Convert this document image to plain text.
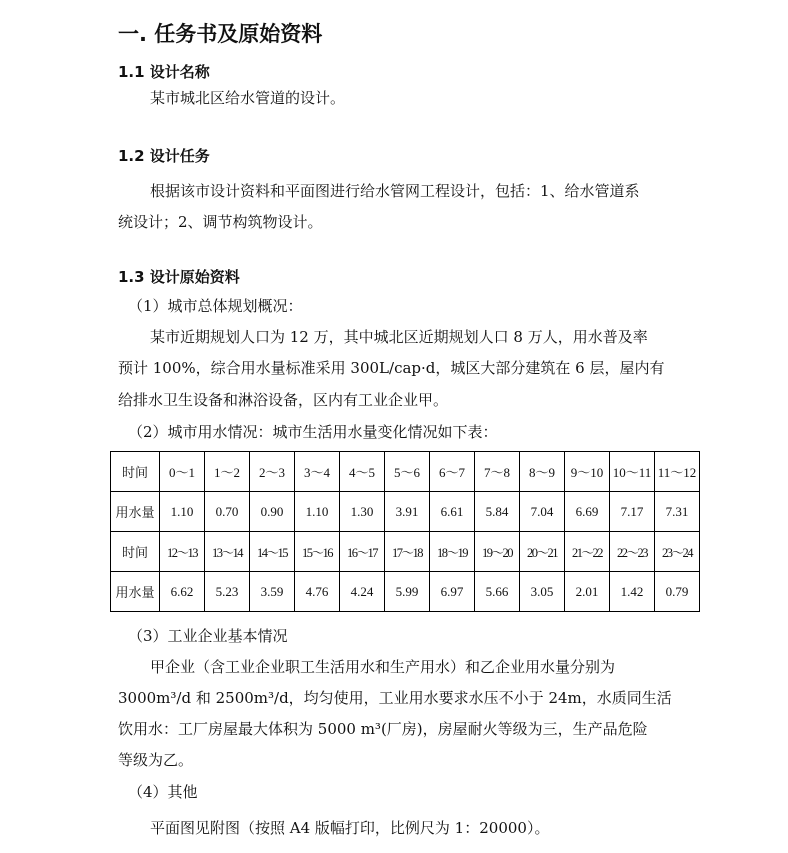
一. 任务书及原始资料
1.1 设计名称
某市城北区给水管道的设计。
1.2 设计任务
根据该市设计资料和平面图进行给水管网工程设计，包括：1、给水管道系
统设计；2、调节构筑物设计。
1.3 设计原始资料
（1）城市总体规划概况：
某市近期规划人口为 12 万，其中城北区近期规划人口 8 万人，用水普及率
预计 100%，综合用水量标准采用 300L/cap·d，城区大部分建筑在 6 层，屋内有
给排水卫生设备和淋浴设备，区内有工业企业甲。
（2）城市用水情况：城市生活用水量变化情况如下表：
时间	0～1	1～2	2～3	3～4	4～5	5～6	6～7	7～8	8～9	9～10	10～11	11～12
用水量	1.10	0.70	0.90	1.10	1.30	3.91	6.61	5.84	7.04	6.69	7.17	7.31
时间	12～13	13～14	14～15	15～16	16～17	17～18	18～19	19～20	20～21	21～22	22～23	23～24
用水量	6.62	5.23	3.59	4.76	4.24	5.99	6.97	5.66	3.05	2.01	1.42	0.79
（3）工业企业基本情况
甲企业（含工业企业职工生活用水和生产用水）和乙企业用水量分别为
3000m³/d 和 2500m³/d，均匀使用，工业用水要求水压不小于 24m，水质同生活
饮用水：工厂房屋最大体积为 5000 m³(厂房)，房屋耐火等级为三，生产品危险
等级为乙。
（4）其他
平面图见附图（按照 A4 版幅打印，比例尺为 1：20000）。
